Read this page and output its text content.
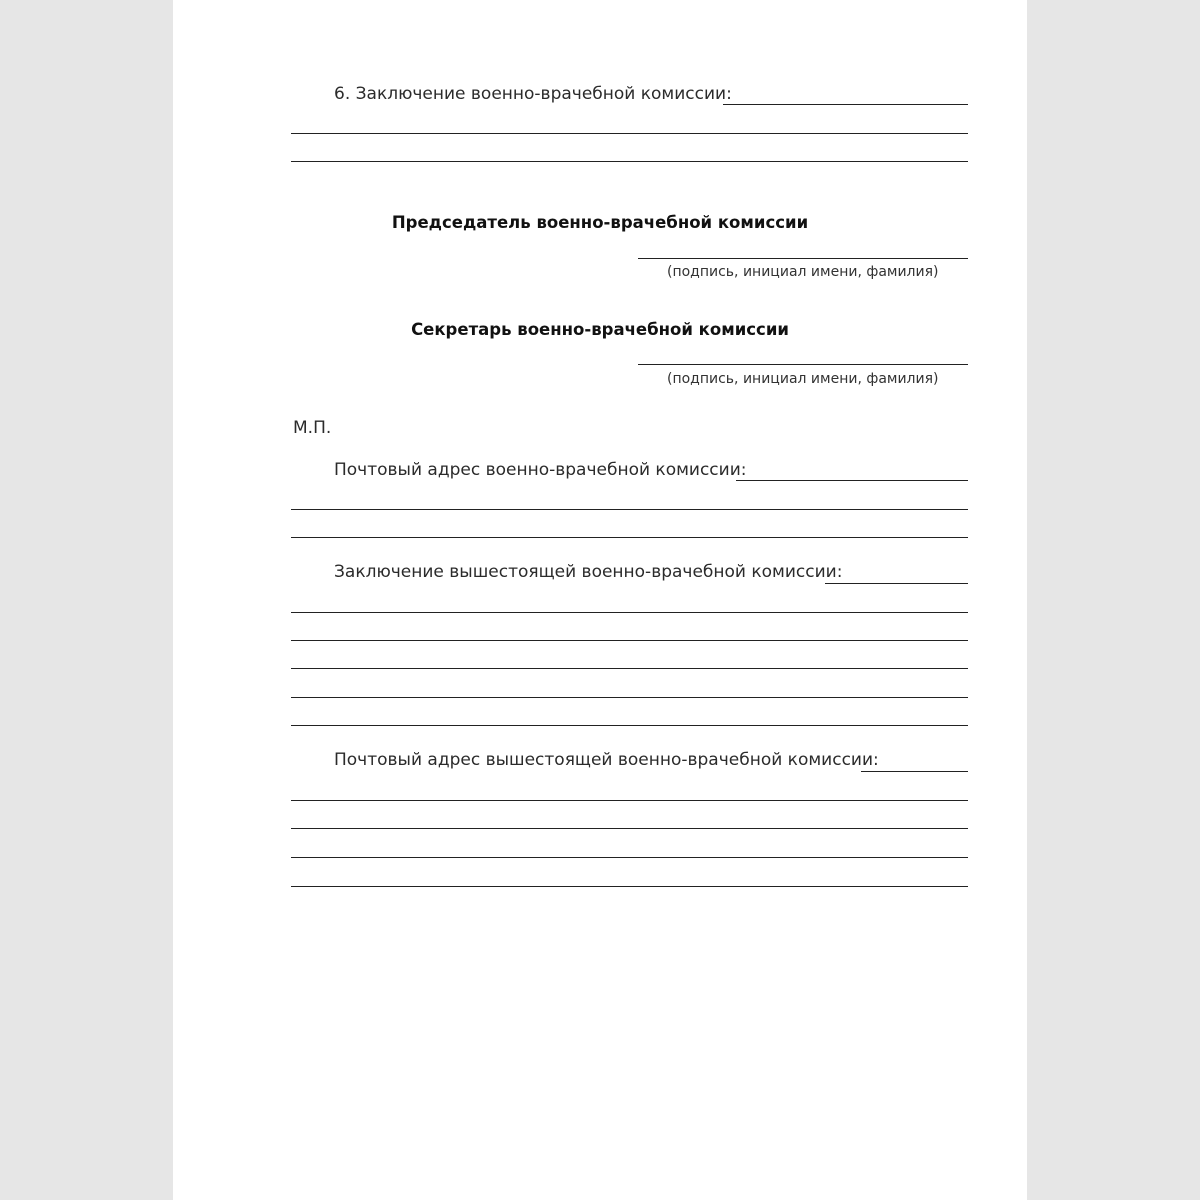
6. Заключение военно-врачебной комиссии:
Председатель военно-врачебной комиссии
(подпись, инициал имени, фамилия)
Секретарь военно-врачебной комиссии
(подпись, инициал имени, фамилия)
М.П.
Почтовый адрес военно-врачебной комиссии:
Заключение вышестоящей военно-врачебной комиссии:
Почтовый адрес вышестоящей военно-врачебной комиссии:
